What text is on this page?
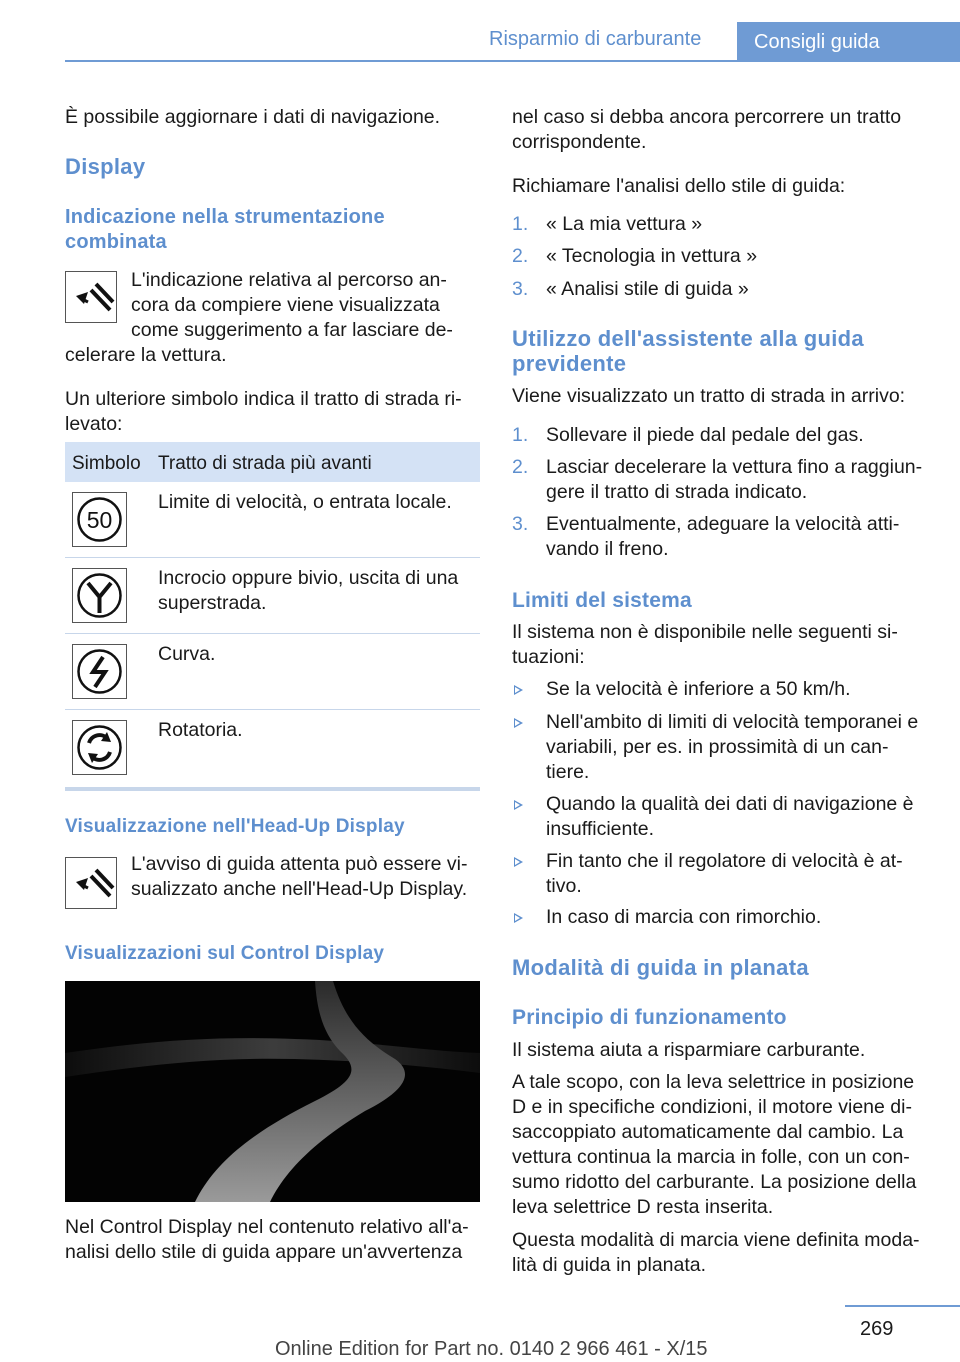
Risparmio di carburante	Consigli guida
È possibile aggiornare i dati di navigazione.
Display
Indicazione nella strumentazione combinata
L'indicazione relativa al percorso an-
cora da compiere viene visualizzata
come suggerimento a far lasciare de-
celerare la vettura.
Un ulteriore simbolo indica il tratto di strada ri-levato:
Simbolo Tratto di strada più avanti
50
Limite di velocità, o entrata locale.
Incrocio oppure bivio, uscita di una superstrada.
Curva.
Rotatoria.
Visualizzazione nell'Head-Up Display
L'avviso di guida attenta può essere vi-
sualizzato anche nell'Head-Up Display.
Visualizzazioni sul Control Display
Nel Control Display nel contenuto relativo all'a-nalisi dello stile di guida appare un'avvertenza
nel caso si debba ancora percorrere un tratto corrispondente.
Richiamare l'analisi dello stile di guida:
1. « La mia vettura »
2. « Tecnologia in vettura »
3. « Analisi stile di guida »
Utilizzo dell'assistente alla guida previdente
Viene visualizzato un tratto di strada in arrivo:
1. Sollevare il piede dal pedale del gas.
2. Lasciar decelerare la vettura fino a raggiun-gere il tratto di strada indicato.
3. Eventualmente, adeguare la velocità atti-vando il freno.
Limiti del sistema
Il sistema non è disponibile nelle seguenti si-tuazioni:
Se la velocità è inferiore a 50 km/h.
Nell'ambito di limiti di velocità temporanei e variabili, per es. in prossimità di un can-tiere.
Quando la qualità dei dati di navigazione è insufficiente.
Fin tanto che il regolatore di velocità è at-tivo.
In caso di marcia con rimorchio.
Modalità di guida in planata
Principio di funzionamento
Il sistema aiuta a risparmiare carburante.
A tale scopo, con la leva selettrice in posizione D e in specifiche condizioni, il motore viene di-saccoppiato automaticamente dal cambio. La vettura continua la marcia in folle, con un con-sumo ridotto del carburante. La posizione della leva selettrice D resta inserita.
Questa modalità di marcia viene definita moda-lità di guida in planata.
269
Online Edition for Part no. 0140 2 966 461 - X/15
